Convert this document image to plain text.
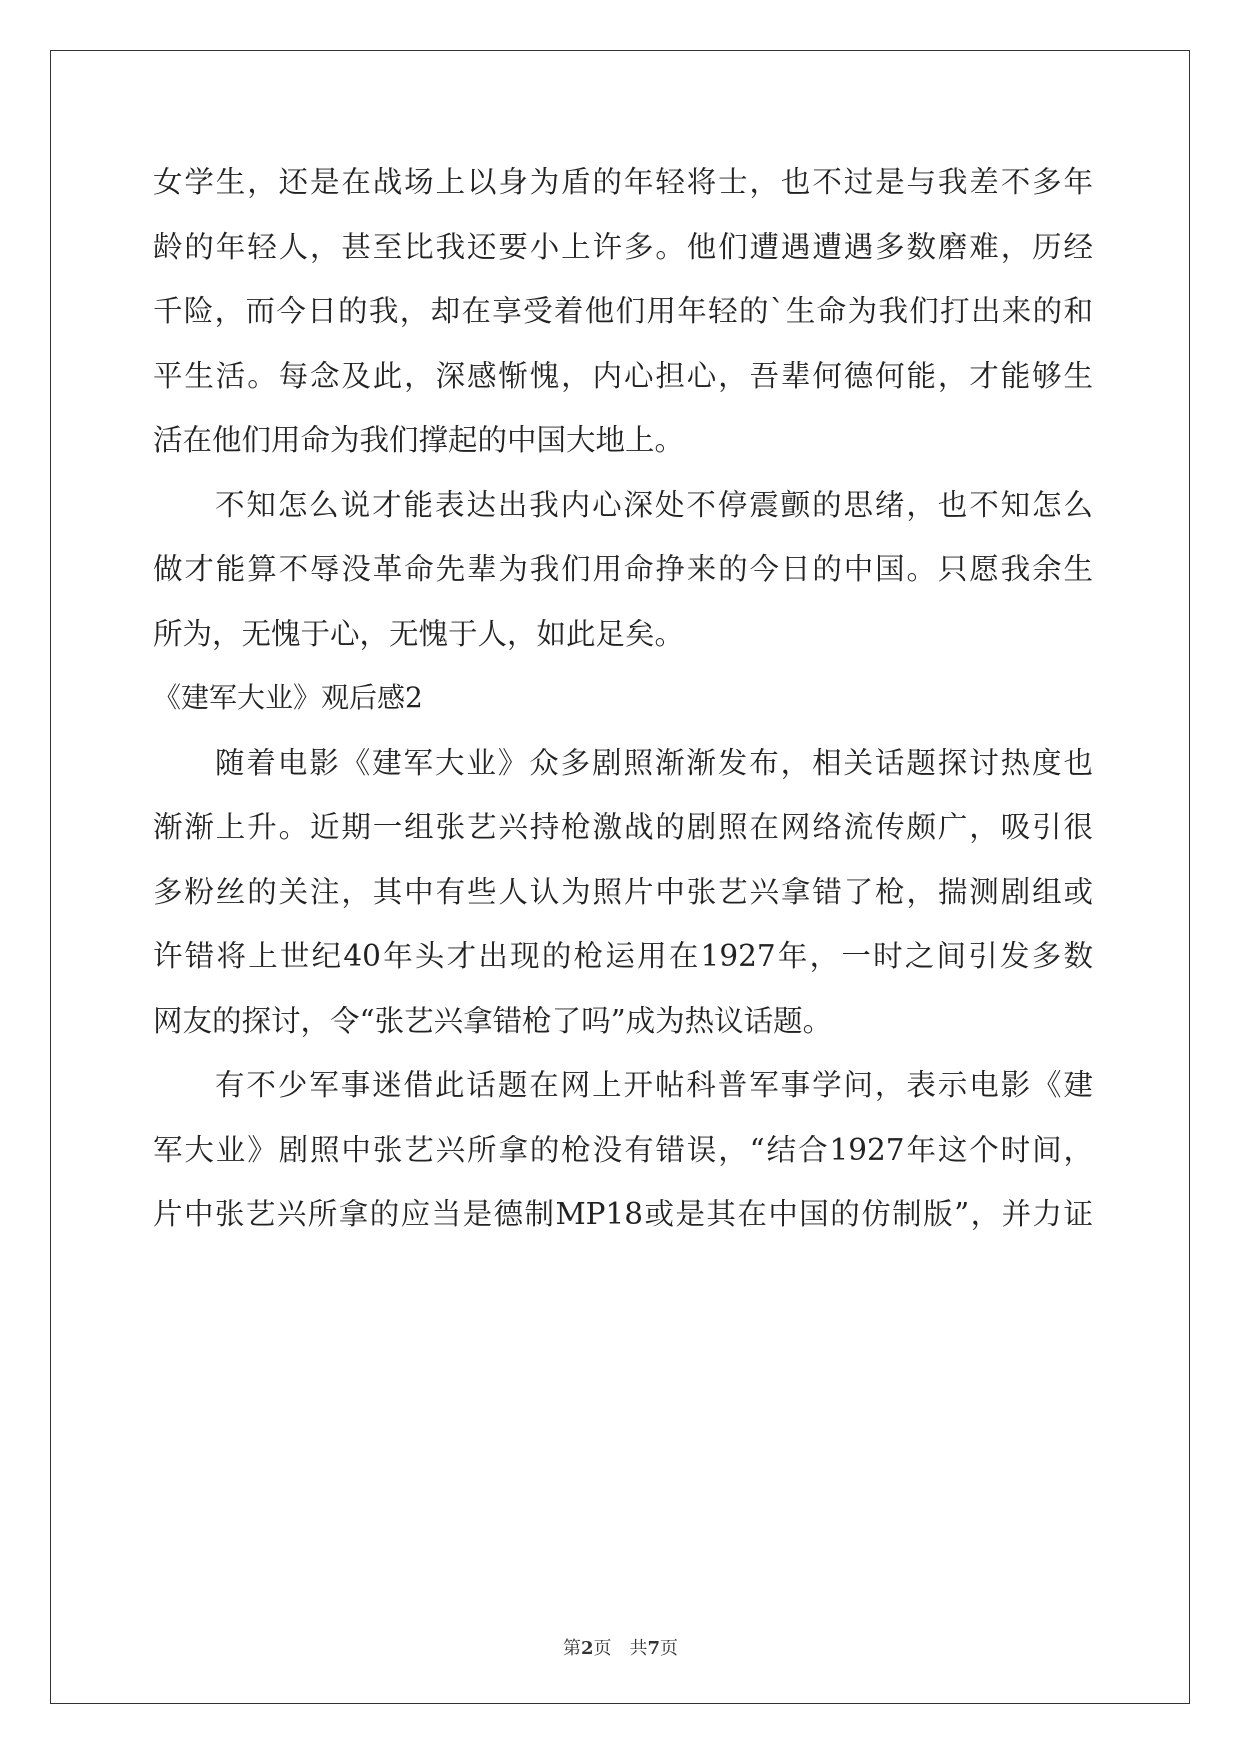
女学生，还是在战场上以身为盾的年轻将士，也不过是与我差不多年
龄的年轻人，甚至比我还要小上许多。他们遭遇遭遇多数磨难，历经
千险，而今日的我，却在享受着他们用年轻的`生命为我们打出来的和
平生活。每念及此，深感惭愧，内心担心，吾辈何德何能，才能够生
活在他们用命为我们撑起的中国大地上。
不知怎么说才能表达出我内心深处不停震颤的思绪，也不知怎么
做才能算不辱没革命先辈为我们用命挣来的今日的中国。只愿我余生
所为，无愧于心，无愧于人，如此足矣。
《建军大业》观后感2
随着电影《建军大业》众多剧照渐渐发布，相关话题探讨热度也
渐渐上升。近期一组张艺兴持枪激战的剧照在网络流传颇广，吸引很
多粉丝的关注，其中有些人认为照片中张艺兴拿错了枪，揣测剧组或
许错将上世纪40年头才出现的枪运用在1927年，一时之间引发多数
网友的探讨，令“张艺兴拿错枪了吗”成为热议话题。
有不少军事迷借此话题在网上开帖科普军事学问，表示电影《建
军大业》剧照中张艺兴所拿的枪没有错误，“结合1927年这个时间，
片中张艺兴所拿的应当是德制MP18或是其在中国的仿制版”，并力证
第2页　共7页
